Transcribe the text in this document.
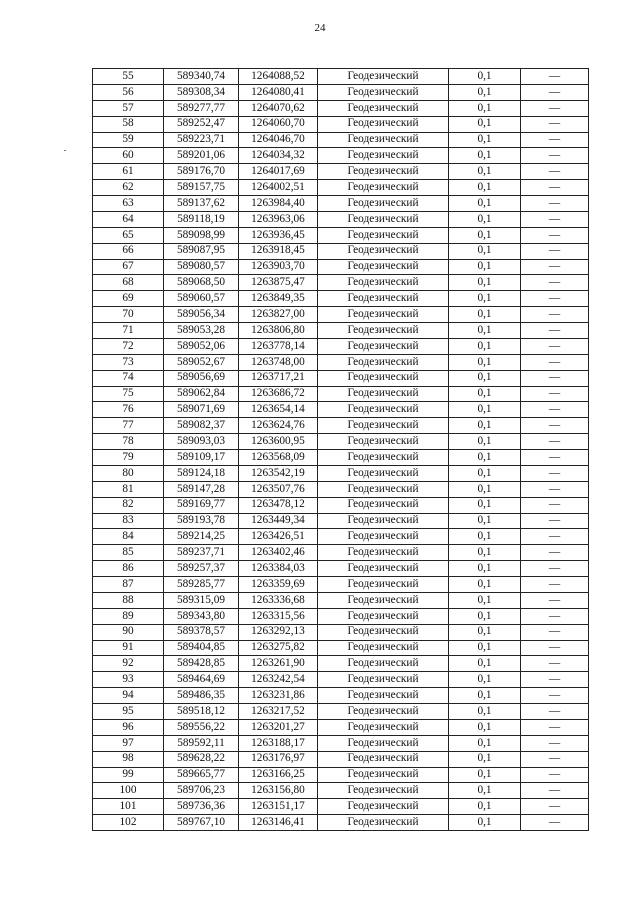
24
55	589340,74	1264088,52	Геодезический	0,1	—
56	589308,34	1264080,41	Геодезический	0,1	—
57	589277,77	1264070,62	Геодезический	0,1	—
58	589252,47	1264060,70	Геодезический	0,1	—
59	589223,71	1264046,70	Геодезический	0,1	—
60	589201,06	1264034,32	Геодезический	0,1	—
61	589176,70	1264017,69	Геодезический	0,1	—
62	589157,75	1264002,51	Геодезический	0,1	—
63	589137,62	1263984,40	Геодезический	0,1	—
64	589118,19	1263963,06	Геодезический	0,1	—
65	589098,99	1263936,45	Геодезический	0,1	—
66	589087,95	1263918,45	Геодезический	0,1	—
67	589080,57	1263903,70	Геодезический	0,1	—
68	589068,50	1263875,47	Геодезический	0,1	—
69	589060,57	1263849,35	Геодезический	0,1	—
70	589056,34	1263827,00	Геодезический	0,1	—
71	589053,28	1263806,80	Геодезический	0,1	—
72	589052,06	1263778,14	Геодезический	0,1	—
73	589052,67	1263748,00	Геодезический	0,1	—
74	589056,69	1263717,21	Геодезический	0,1	—
75	589062,84	1263686,72	Геодезический	0,1	—
76	589071,69	1263654,14	Геодезический	0,1	—
77	589082,37	1263624,76	Геодезический	0,1	—
78	589093,03	1263600,95	Геодезический	0,1	—
79	589109,17	1263568,09	Геодезический	0,1	—
80	589124,18	1263542,19	Геодезический	0,1	—
81	589147,28	1263507,76	Геодезический	0,1	—
82	589169,77	1263478,12	Геодезический	0,1	—
83	589193,78	1263449,34	Геодезический	0,1	—
84	589214,25	1263426,51	Геодезический	0,1	—
85	589237,71	1263402,46	Геодезический	0,1	—
86	589257,37	1263384,03	Геодезический	0,1	—
87	589285,77	1263359,69	Геодезический	0,1	—
88	589315,09	1263336,68	Геодезический	0,1	—
89	589343,80	1263315,56	Геодезический	0,1	—
90	589378,57	1263292,13	Геодезический	0,1	—
91	589404,85	1263275,82	Геодезический	0,1	—
92	589428,85	1263261,90	Геодезический	0,1	—
93	589464,69	1263242,54	Геодезический	0,1	—
94	589486,35	1263231,86	Геодезический	0,1	—
95	589518,12	1263217,52	Геодезический	0,1	—
96	589556,22	1263201,27	Геодезический	0,1	—
97	589592,11	1263188,17	Геодезический	0,1	—
98	589628,22	1263176,97	Геодезический	0,1	—
99	589665,77	1263166,25	Геодезический	0,1	—
100	589706,23	1263156,80	Геодезический	0,1	—
101	589736,36	1263151,17	Геодезический	0,1	—
102	589767,10	1263146,41	Геодезический	0,1	—
